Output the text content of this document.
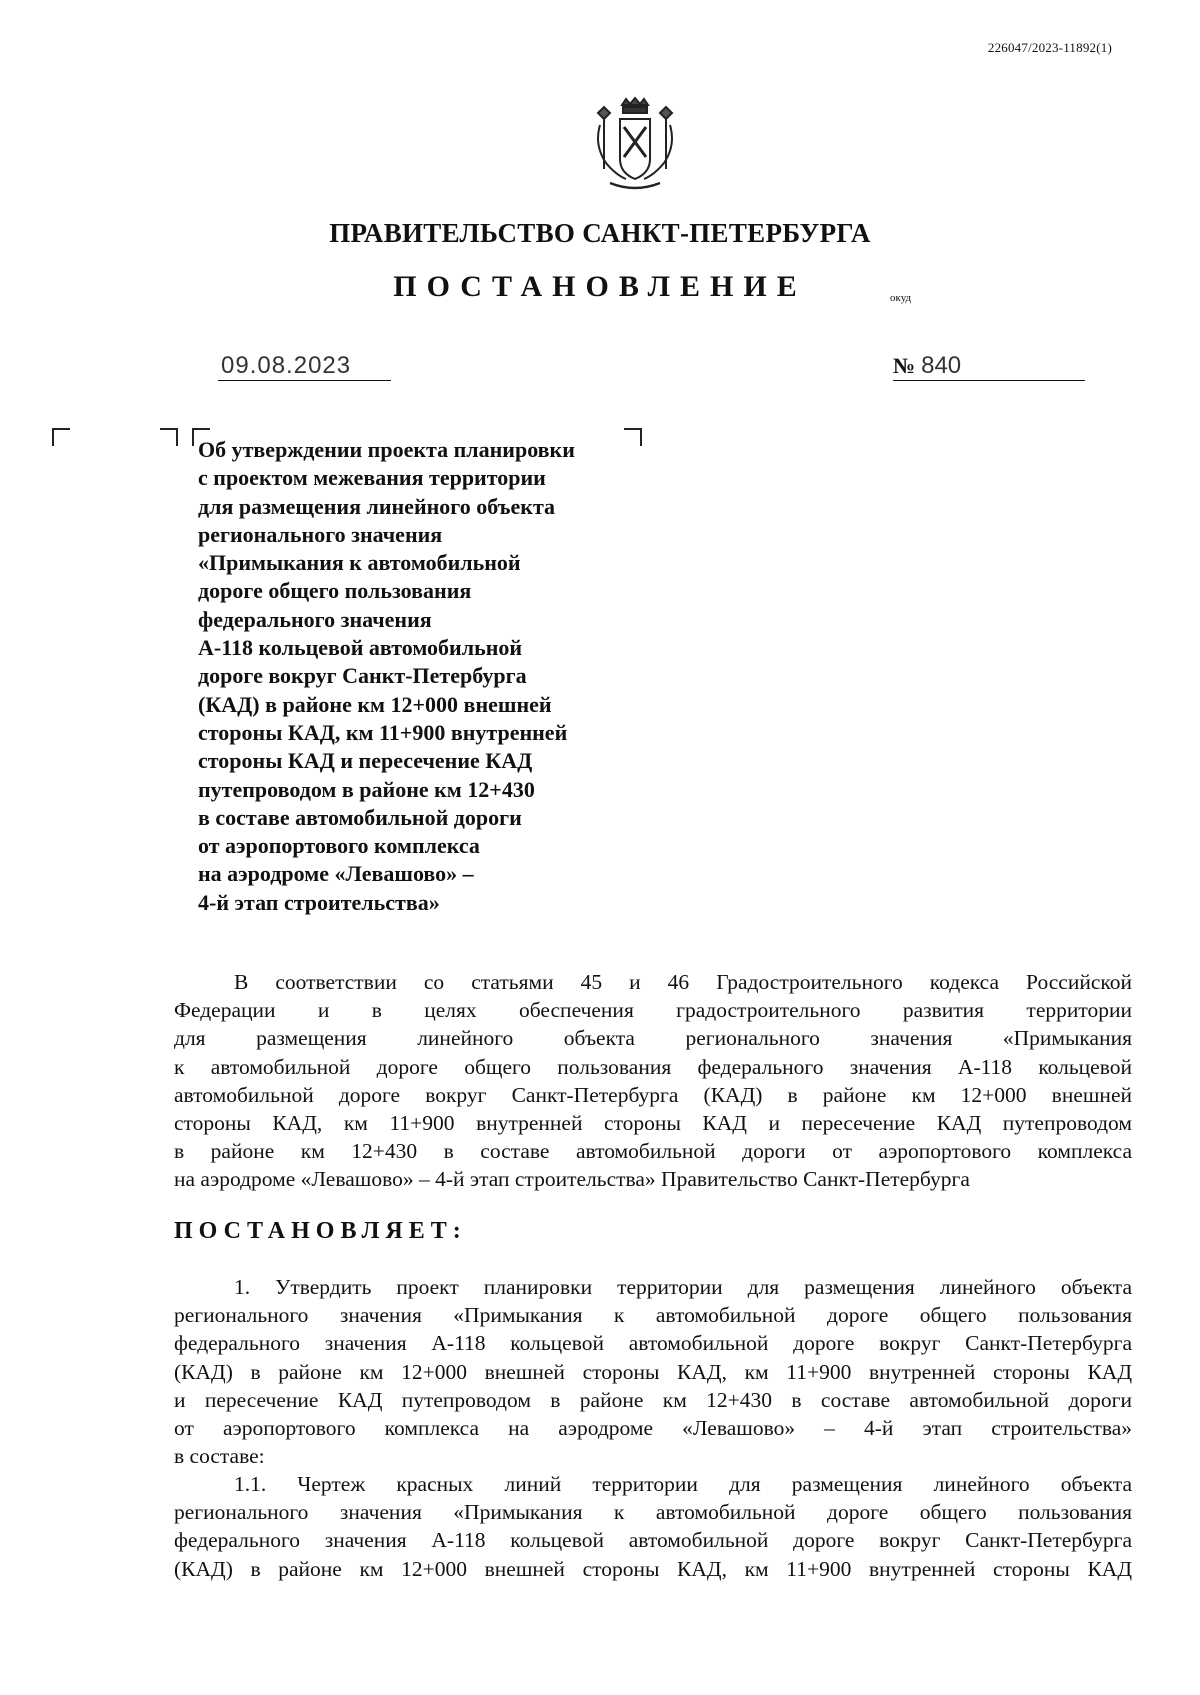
226047/2023-11892(1)
ПРАВИТЕЛЬСТВО САНКТ-ПЕТЕРБУРГА
ПОСТАНОВЛЕНИЕ	окуд
09.08.2023	№ 840
Об утверждении проекта планировки
с проектом межевания территории
для размещения линейного объекта
регионального значения
«Примыкания к автомобильной
дороге общего пользования
федерального значения
А-118 кольцевой автомобильной
дороге вокруг Санкт-Петербурга
(КАД) в районе км 12+000 внешней
стороны КАД, км 11+900 внутренней
стороны КАД и пересечение КАД
путепроводом в районе км 12+430
в составе автомобильной дороги
от аэропортового комплекса
на аэродроме «Левашово» –
4-й этап строительства»
В соответствии со статьями 45 и 46 Градостроительного кодекса Российской
Федерации и в целях обеспечения градостроительного развития территории
для размещения линейного объекта регионального значения «Примыкания
к автомобильной дороге общего пользования федерального значения А-118 кольцевой
автомобильной дороге вокруг Санкт-Петербурга (КАД) в районе км 12+000 внешней
стороны КАД, км 11+900 внутренней стороны КАД и пересечение КАД путепроводом
в районе км 12+430 в составе автомобильной дороги от аэропортового комплекса
на аэродроме «Левашово» – 4-й этап строительства» Правительство Санкт-Петербурга
ПОСТАНОВЛЯЕТ:
1. Утвердить проект планировки территории для размещения линейного объекта
регионального значения «Примыкания к автомобильной дороге общего пользования
федерального значения А-118 кольцевой автомобильной дороге вокруг Санкт-Петербурга
(КАД) в районе км 12+000 внешней стороны КАД, км 11+900 внутренней стороны КАД
и пересечение КАД путепроводом в районе км 12+430 в составе автомобильной дороги
от аэропортового комплекса на аэродроме «Левашово» – 4-й этап строительства»
в составе:
1.1. Чертеж красных линий территории для размещения линейного объекта
регионального значения «Примыкания к автомобильной дороге общего пользования
федерального значения А-118 кольцевой автомобильной дороге вокруг Санкт-Петербурга
(КАД) в районе км 12+000 внешней стороны КАД, км 11+900 внутренней стороны КАД
